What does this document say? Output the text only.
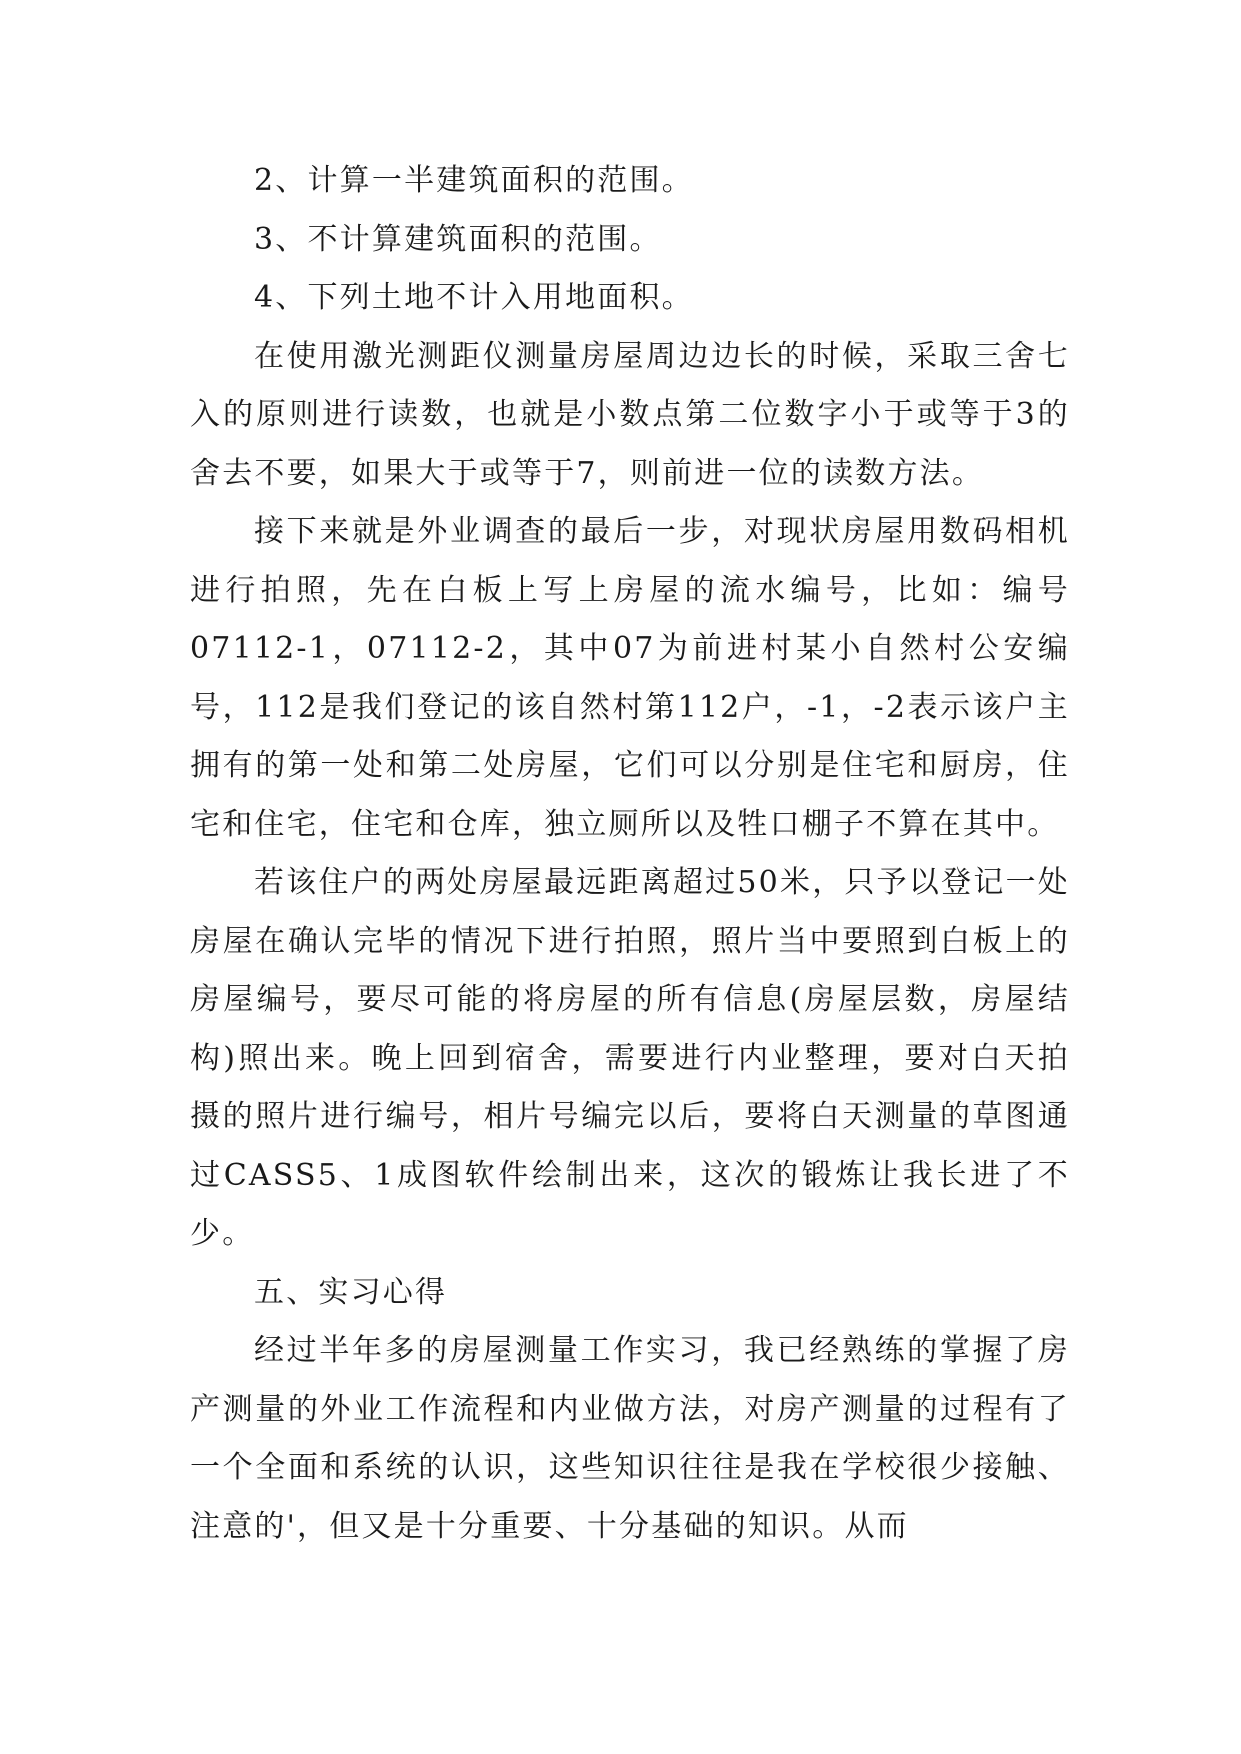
2、计算一半建筑面积的范围。

3、不计算建筑面积的范围。

4、下列土地不计入用地面积。

在使用激光测距仪测量房屋周边边长的时候，采取三舍七入的原则进行读数，也就是小数点第二位数字小于或等于3的舍去不要，如果大于或等于7，则前进一位的读数方法。

接下来就是外业调查的最后一步，对现状房屋用数码相机进行拍照，先在白板上写上房屋的流水编号，比如：编号07112-1，07112-2，其中07为前进村某小自然村公安编号，112是我们登记的该自然村第112户，-1，-2表示该户主拥有的第一处和第二处房屋，它们可以分别是住宅和厨房，住宅和住宅，住宅和仓库，独立厕所以及牲口棚子不算在其中。

若该住户的两处房屋最远距离超过50米，只予以登记一处房屋在确认完毕的情况下进行拍照，照片当中要照到白板上的房屋编号，要尽可能的将房屋的所有信息(房屋层数，房屋结构)照出来。晚上回到宿舍，需要进行内业整理，要对白天拍摄的照片进行编号，相片号编完以后，要将白天测量的草图通过CASS5、1成图软件绘制出来，这次的锻炼让我长进了不少。

五、实习心得

经过半年多的房屋测量工作实习，我已经熟练的掌握了房产测量的外业工作流程和内业做方法，对房产测量的过程有了一个全面和系统的认识，这些知识往往是我在学校很少接触、注意的'，但又是十分重要、十分基础的知识。从而
